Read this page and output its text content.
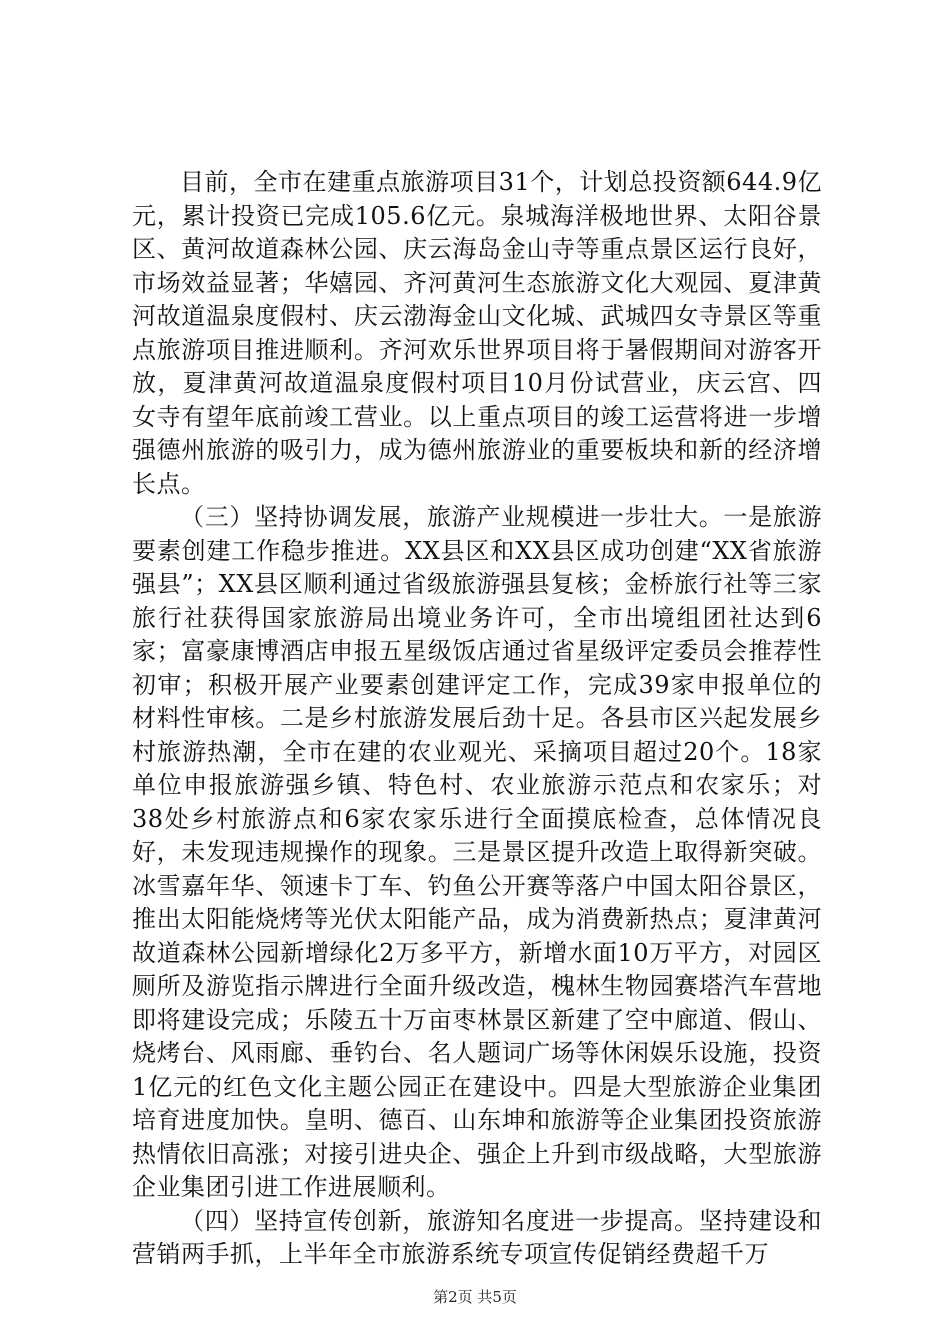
目前，全市在建重点旅游项目31个，计划总投资额644.9亿元，累计投资已完成105.6亿元。泉城海洋极地世界、太阳谷景区、黄河故道森林公园、庆云海岛金山寺等重点景区运行良好，市场效益显著；华嬉园、齐河黄河生态旅游文化大观园、夏津黄河故道温泉度假村、庆云渤海金山文化城、武城四女寺景区等重点旅游项目推进顺利。齐河欢乐世界项目将于暑假期间对游客开放，夏津黄河故道温泉度假村项目10月份试营业，庆云宫、四女寺有望年底前竣工营业。以上重点项目的竣工运营将进一步增强德州旅游的吸引力，成为德州旅游业的重要板块和新的经济增长点。

（三）坚持协调发展，旅游产业规模进一步壮大。一是旅游要素创建工作稳步推进。XX县区和XX县区成功创建“XX省旅游强县”；XX县区顺利通过省级旅游强县复核；金桥旅行社等三家旅行社获得国家旅游局出境业务许可，全市出境组团社达到6家；富豪康博酒店申报五星级饭店通过省星级评定委员会推荐性初审；积极开展产业要素创建评定工作，完成39家申报单位的材料性审核。二是乡村旅游发展后劲十足。各县市区兴起发展乡村旅游热潮，全市在建的农业观光、采摘项目超过20个。18家单位申报旅游强乡镇、特色村、农业旅游示范点和农家乐；对38处乡村旅游点和6家农家乐进行全面摸底检查，总体情况良好，未发现违规操作的现象。三是景区提升改造上取得新突破。冰雪嘉年华、领速卡丁车、钓鱼公开赛等落户中国太阳谷景区，推出太阳能烧烤等光伏太阳能产品，成为消费新热点；夏津黄河故道森林公园新增绿化2万多平方，新增水面10万平方，对园区厕所及游览指示牌进行全面升级改造，槐林生物园赛塔汽车营地即将建设完成；乐陵五十万亩枣林景区新建了空中廊道、假山、烧烤台、风雨廊、垂钓台、名人题词广场等休闲娱乐设施，投资1亿元的红色文化主题公园正在建设中。四是大型旅游企业集团培育进度加快。皇明、德百、山东坤和旅游等企业集团投资旅游热情依旧高涨；对接引进央企、强企上升到市级战略，大型旅游企业集团引进工作进展顺利。

（四）坚持宣传创新，旅游知名度进一步提高。坚持建设和营销两手抓，上半年全市旅游系统专项宣传促销经费超千万

第2页 共5页
